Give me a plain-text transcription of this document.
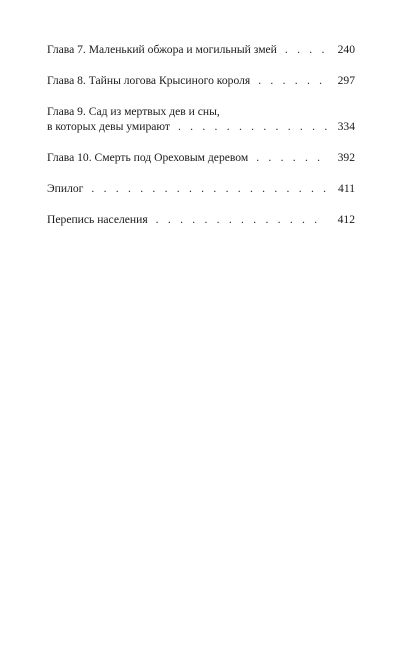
Глава 7. Маленький обжора и могильный змей . . .	240
Глава 8. Тайны логова Крысиного короля . . .	297
Глава 9. Сад из мертвых дев и сны,
в которых девы умирают . . .	334
Глава 10. Смерть под Ореховым деревом . . .	392
Эпилог . . .	411
Перепись населения . . .	412
